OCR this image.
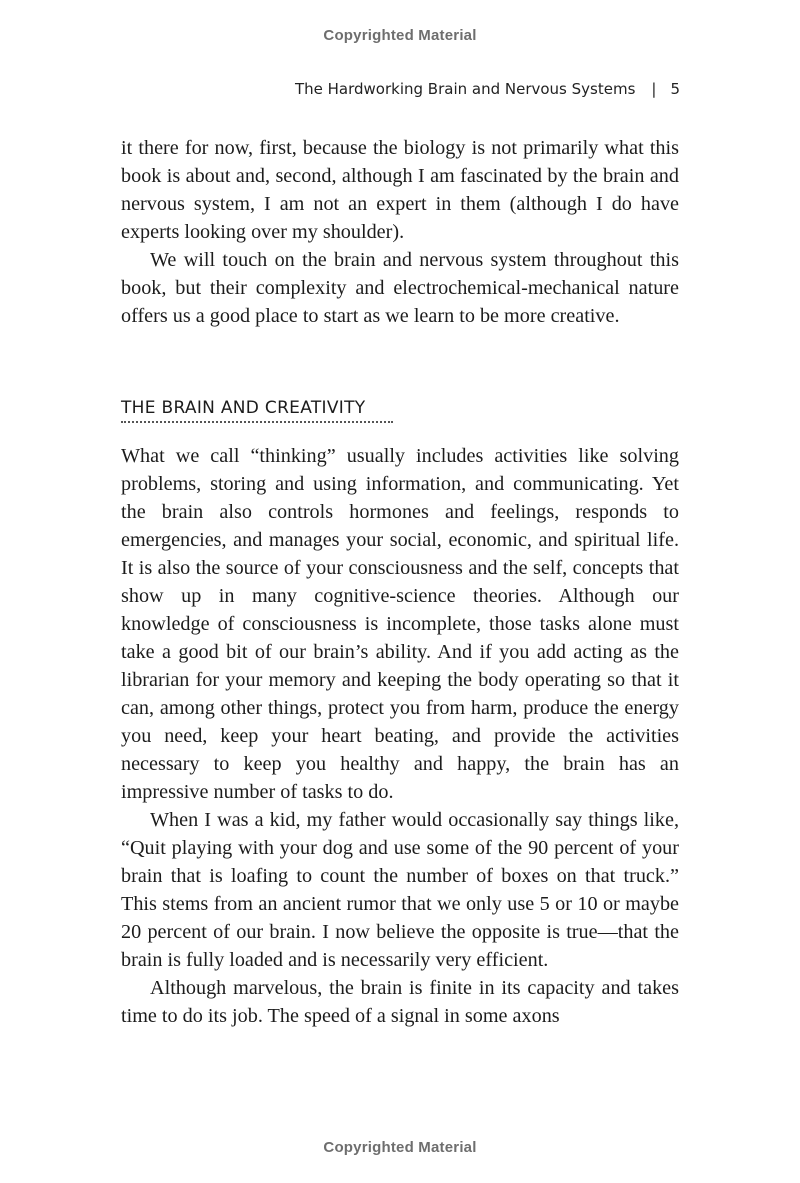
Copyrighted Material
The Hardworking Brain and Nervous Systems | 5

it there for now, first, because the biology is not primarily what this book is about and, second, although I am fascinated by the brain and nervous system, I am not an expert in them (although I do have experts looking over my shoulder).

We will touch on the brain and nervous system throughout this book, but their complexity and electrochemical-mechanical nature offers us a good place to start as we learn to be more creative.

THE BRAIN AND CREATIVITY

What we call “thinking” usually includes activities like solving problems, storing and using information, and communicating. Yet the brain also controls hormones and feelings, responds to emergencies, and manages your social, economic, and spiritual life. It is also the source of your consciousness and the self, concepts that show up in many cognitive-science theories. Although our knowledge of consciousness is incomplete, those tasks alone must take a good bit of our brain’s ability. And if you add acting as the librarian for your memory and keeping the body operating so that it can, among other things, protect you from harm, produce the energy you need, keep your heart beating, and provide the activities necessary to keep you healthy and happy, the brain has an impressive number of tasks to do.

When I was a kid, my father would occasionally say things like, “Quit playing with your dog and use some of the 90 percent of your brain that is loafing to count the number of boxes on that truck.” This stems from an ancient rumor that we only use 5 or 10 or maybe 20 percent of our brain. I now believe the opposite is true—that the brain is fully loaded and is necessarily very efficient.

Although marvelous, the brain is finite in its capacity and takes time to do its job. The speed of a signal in some axons

Copyrighted Material
